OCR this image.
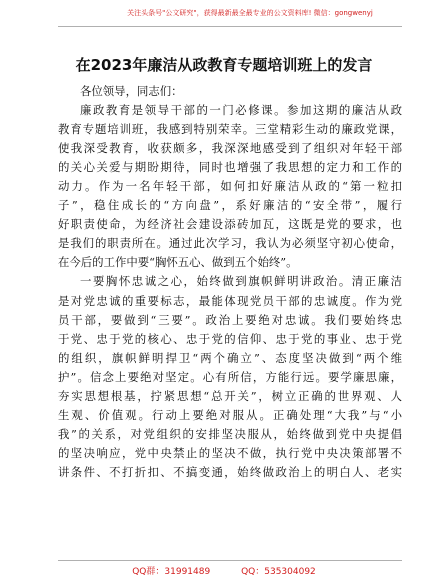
关注头条号"公文研究"，获得最新最全最专业的公文资料库! 微信：gongwenyj
在2023年廉洁从政教育专题培训班上的发言
各位领导，同志们：
廉政教育是领导干部的一门必修课。参加这期的廉洁从政
教育专题培训班，我感到特别荣幸。三堂精彩生动的廉政党课，
使我深受教育，收获颇多，我深深地感受到了组织对年轻干部
的关心关爱与期盼期待，同时也增强了我思想的定力和工作的
动力。作为一名年轻干部，如何扣好廉洁从政的“第一粒扣
子”，稳住成长的“方向盘”，系好廉洁的“安全带”，履行
好职责使命，为经济社会建设添砖加瓦，这既是党的要求，也
是我们的职责所在。通过此次学习，我认为必须坚守初心使命，
在今后的工作中要“胸怀五心、做到五个始终”。
一要胸怀忠诚之心，始终做到旗帜鲜明讲政治。清正廉洁
是对党忠诚的重要标志，最能体现党员干部的忠诚度。作为党
员干部，要做到“三要”。政治上要绝对忠诚。我们要始终忠
于党、忠于党的核心、忠于党的信仰、忠于党的事业、忠于党
的组织，旗帜鲜明捍卫“两个确立”、态度坚决做到“两个维
护”。信念上要绝对坚定。心有所信，方能行远。要学廉思廉，
夯实思想根基，拧紧思想“总开关”，树立正确的世界观、人
生观、价值观。行动上要绝对服从。正确处理“大我”与“小
我”的关系，对党组织的安排坚决服从，始终做到党中央提倡
的坚决响应，党中央禁止的坚决不做，执行党中央决策部署不
讲条件、不打折扣、不搞变通，始终做政治上的明白人、老实
QQ群：31991489	QQ：535304092
